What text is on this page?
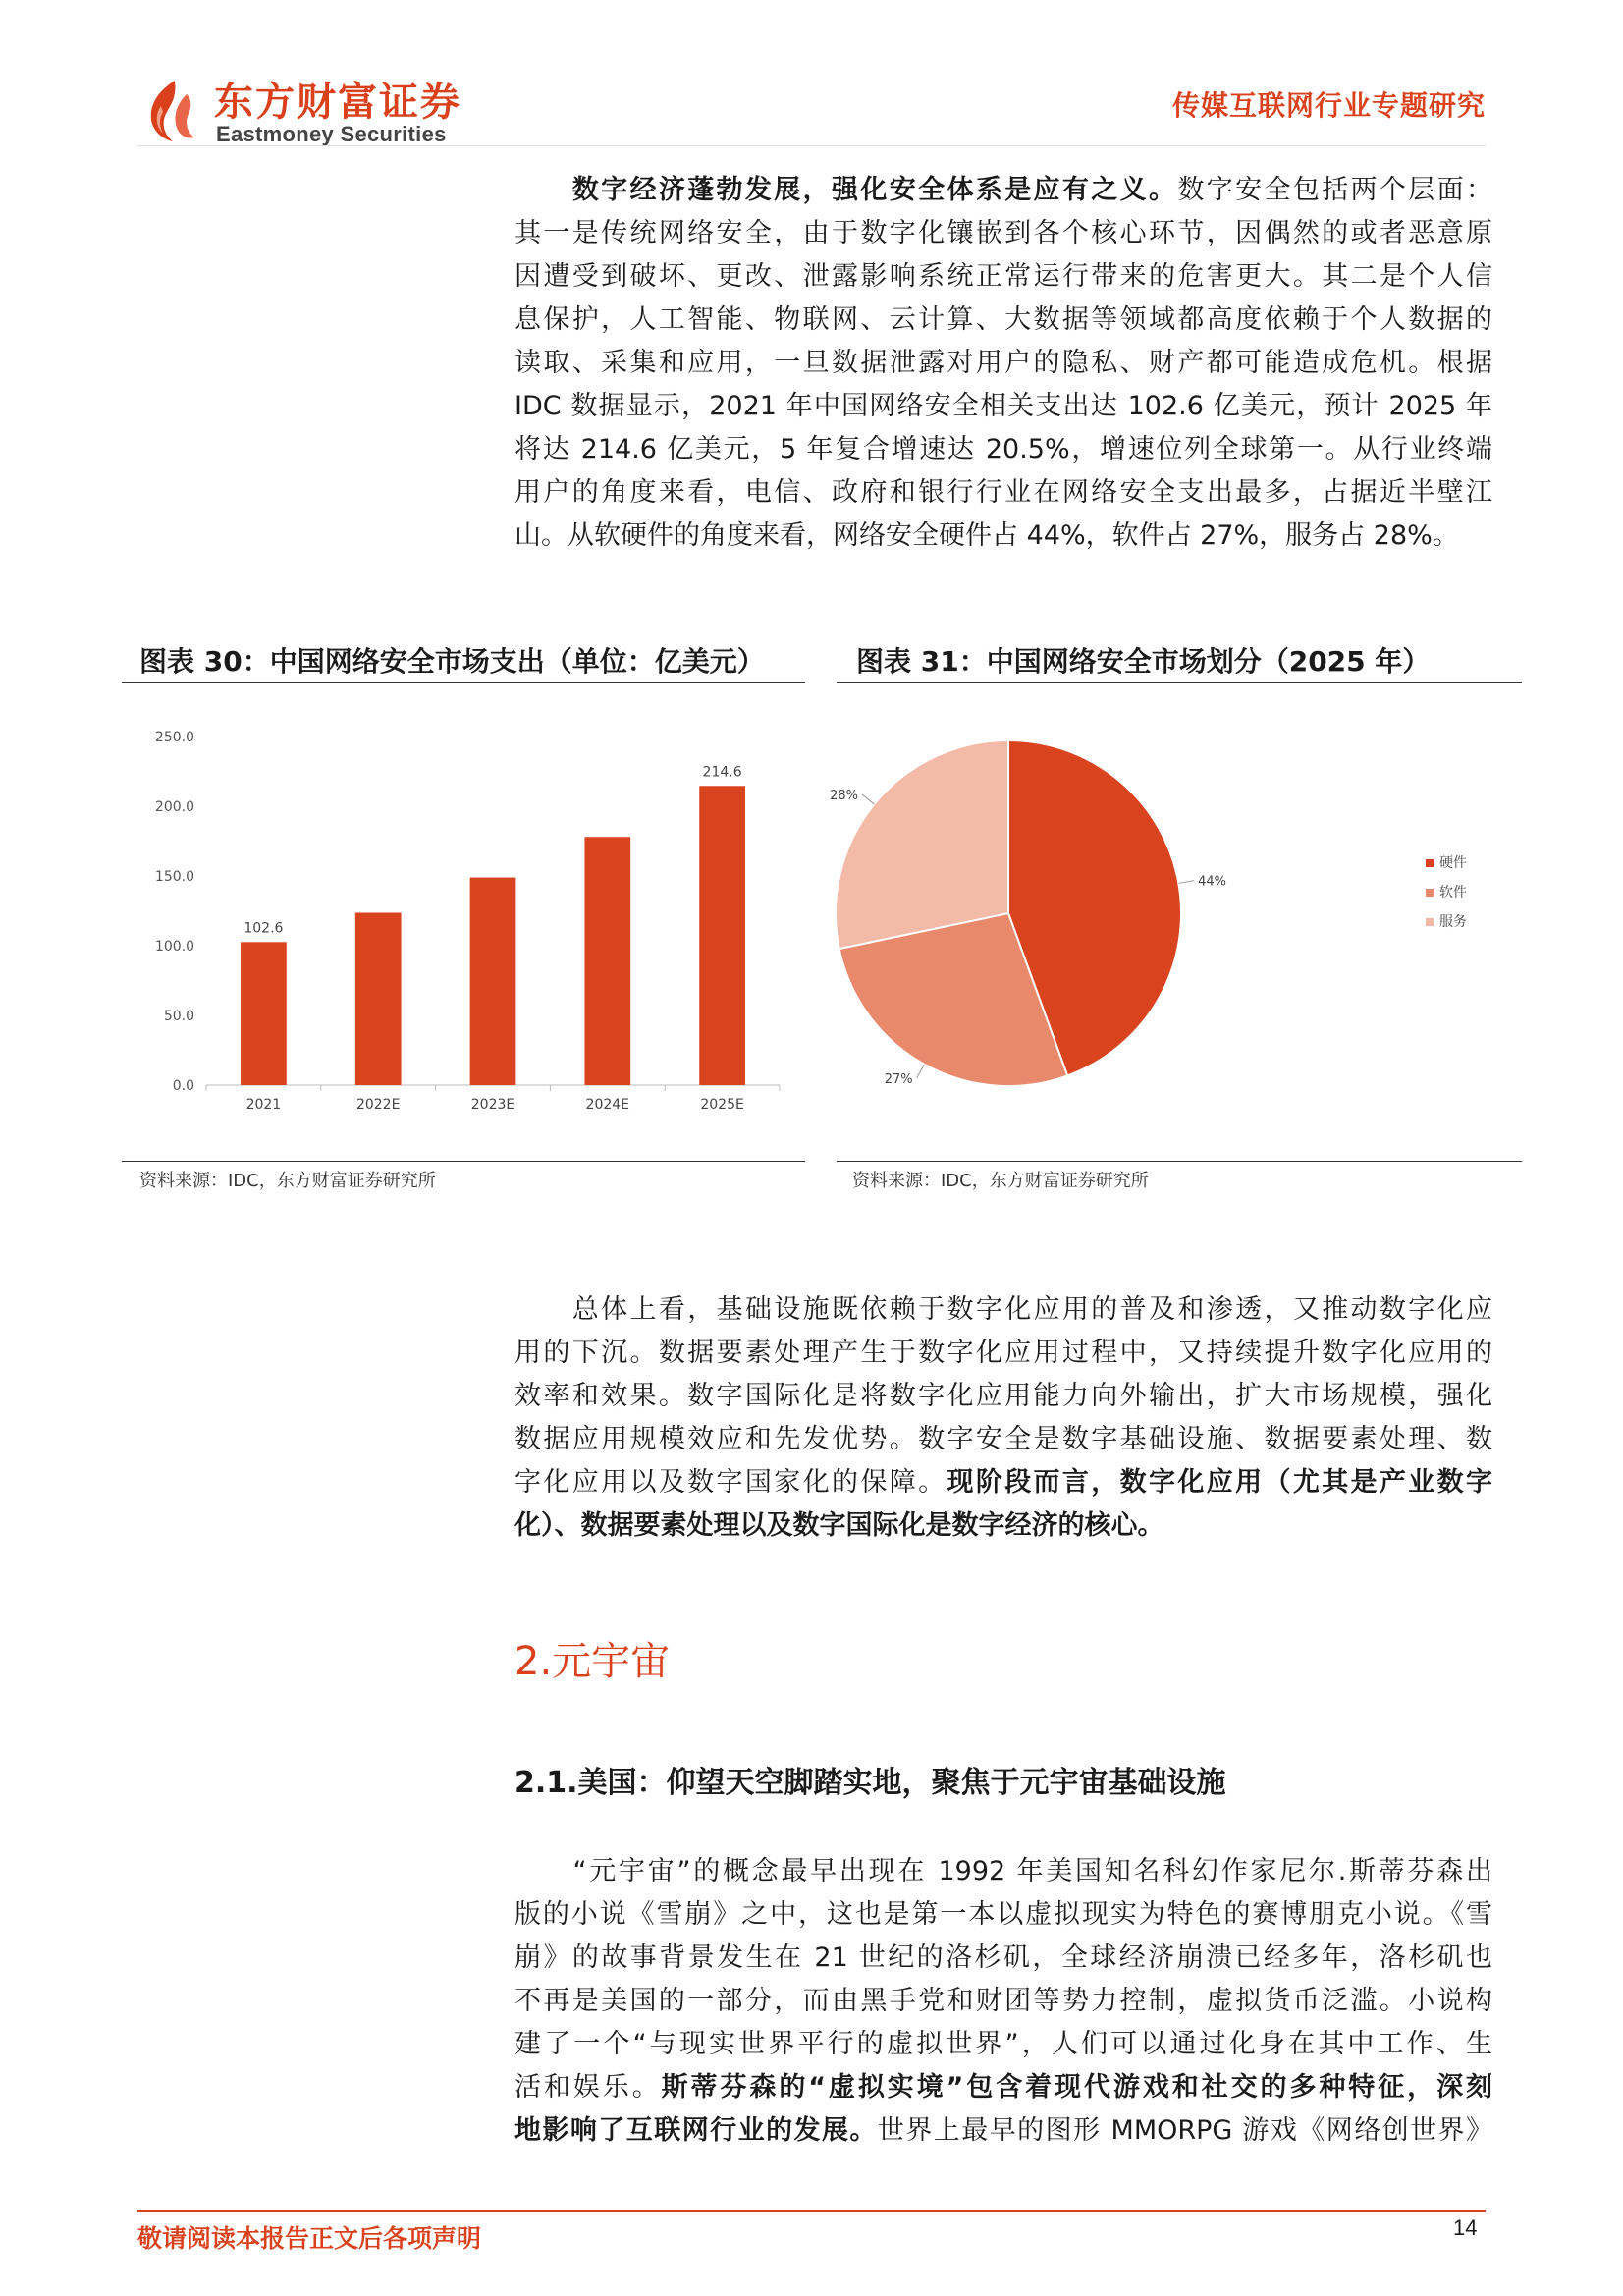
东方财富证券
Eastmoney Securities
传媒互联网行业专题研究
　　数字经济蓬勃发展，强化安全体系是应有之义。数字安全包括两个层面：
其一是传统网络安全，由于数字化镶嵌到各个核心环节，因偶然的或者恶意原
因遭受到破坏、更改、泄露影响系统正常运行带来的危害更大。其二是个人信
息保护，人工智能、物联网、云计算、大数据等领域都高度依赖于个人数据的
读取、采集和应用，一旦数据泄露对用户的隐私、财产都可能造成危机。根据
IDC 数据显示，2021 年中国网络安全相关支出达 102.6 亿美元，预计 2025 年
将达 214.6 亿美元，5 年复合增速达 20.5%，增速位列全球第一。从行业终端
用户的角度来看，电信、政府和银行行业在网络安全支出最多，占据近半壁江
山。从软硬件的角度来看，网络安全硬件占 44%，软件占 27%，服务占 28%。
图表 30：中国网络安全市场支出（单位：亿美元）
0.0
50.0
100.0
150.0
200.0
250.0
2021
102.6
2022E	2023E	2024E	2025E
214.6
资料来源：IDC，东方财富证券研究所
图表 31：中国网络安全市场划分（2025 年）
44%
27%
28%
硬件
软件
服务
资料来源：IDC，东方财富证券研究所
　　总体上看，基础设施既依赖于数字化应用的普及和渗透，又推动数字化应
用的下沉。数据要素处理产生于数字化应用过程中，又持续提升数字化应用的
效率和效果。数字国际化是将数字化应用能力向外输出，扩大市场规模，强化
数据应用规模效应和先发优势。数字安全是数字基础设施、数据要素处理、数
字化应用以及数字国家化的保障。现阶段而言，数字化应用（尤其是产业数字
化）、数据要素处理以及数字国际化是数字经济的核心。
2.元宇宙
2.1.美国：仰望天空脚踏实地，聚焦于元宇宙基础设施
　　“元宇宙”的概念最早出现在 1992 年美国知名科幻作家尼尔.斯蒂芬森出
版的小说《雪崩》之中，这也是第一本以虚拟现实为特色的赛博朋克小说。《雪
崩》的故事背景发生在 21 世纪的洛杉矶，全球经济崩溃已经多年，洛杉矶也
不再是美国的一部分，而由黑手党和财团等势力控制，虚拟货币泛滥。小说构
建了一个“与现实世界平行的虚拟世界”，人们可以通过化身在其中工作、生
活和娱乐。斯蒂芬森的“虚拟实境”包含着现代游戏和社交的多种特征，深刻
地影响了互联网行业的发展。世界上最早的图形 MMORPG 游戏《网络创世界》
敬请阅读本报告正文后各项声明	14
